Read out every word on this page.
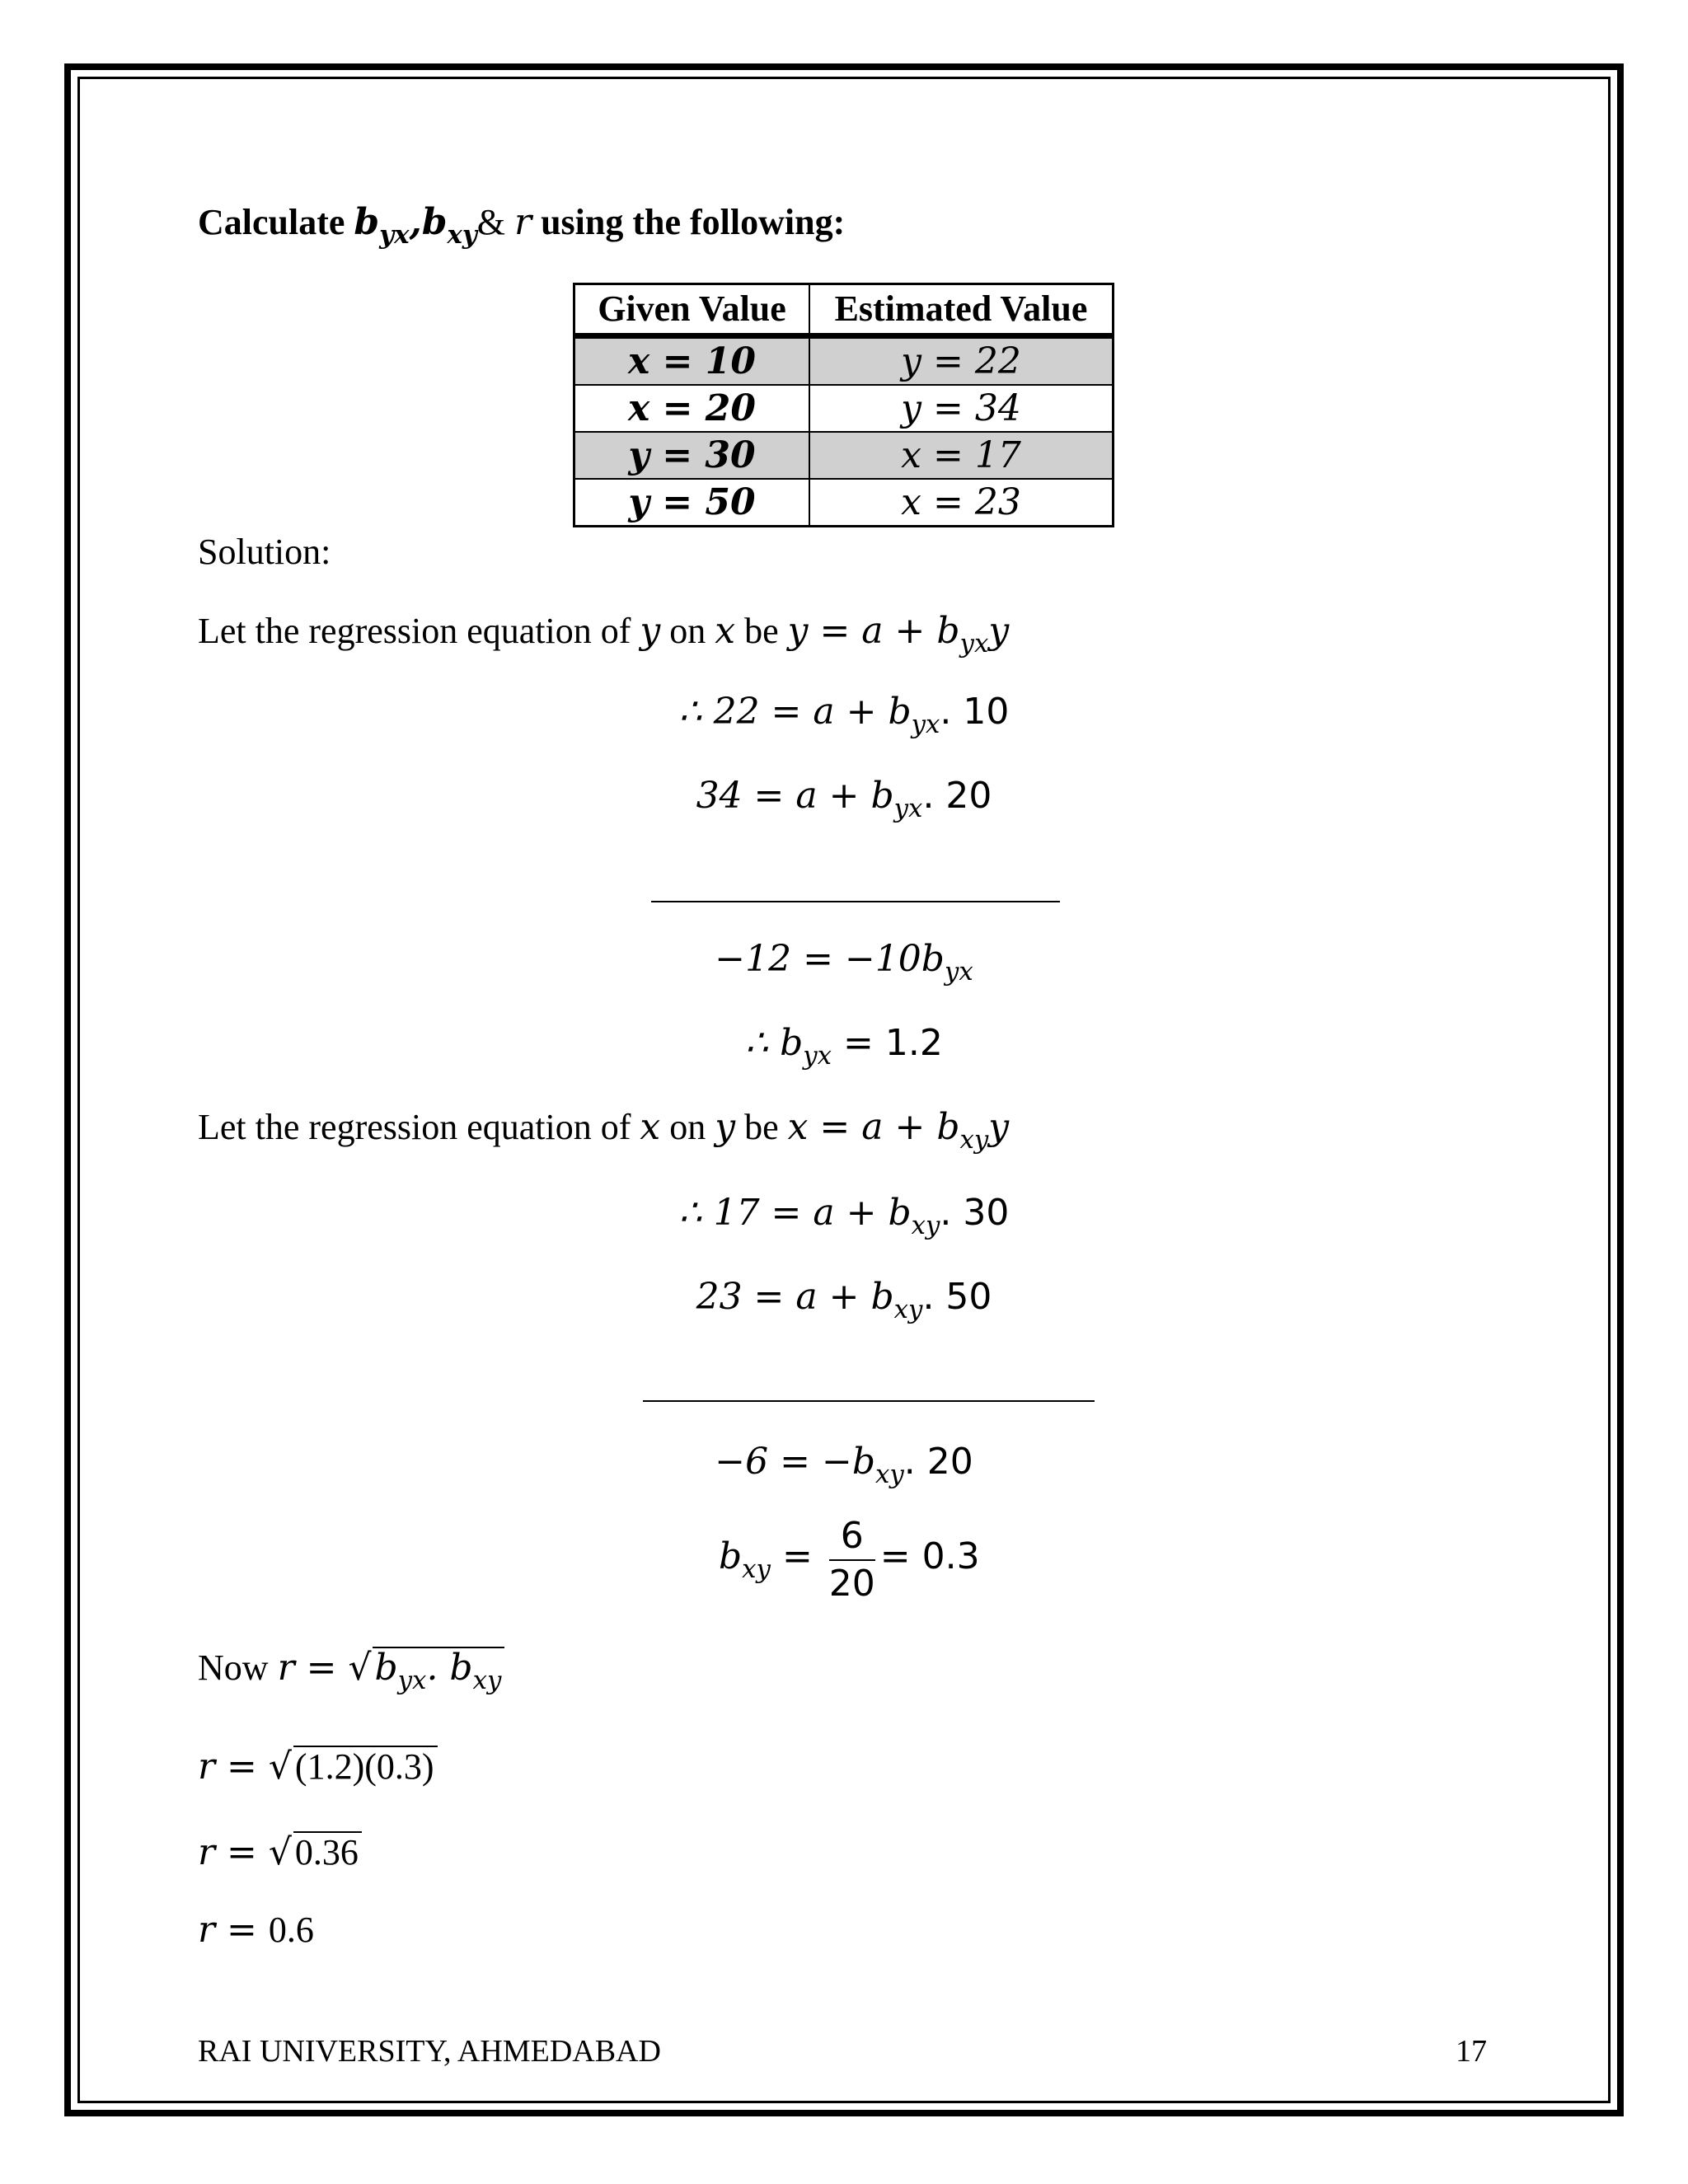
Calculate $b_{yx},b_{xy}\&$ r using the following:
Given Value	Estimated Value
x = 10	y = 22
x = 20	y = 34
y = 30	x = 17
y = 50	x = 23
Solution:
Let the regression equation of y on x be $y = a + b_{yx}y$
∴ $22 = a + b_{yx}$. 10
$34 = a + b_{yx}$. 20
$-12 = -10b_{yx}$
∴ $b_{yx} = 1.2$
Let the regression equation of x on y be $x = a + b_{xy}y$
∴ $17 = a + b_{xy}$. 30
$23 = a + b_{xy}$. 50
$-6 = -b_{xy}$. 20
$b_{xy} = \frac{6}{20} = 0.3$
Now $r = √b_{yx}$. $b_{xy}$
r = √(1.2)(0.3)
r = √0.36
r = 0.6
RAI UNIVERSITY, AHMEDABAD	17
